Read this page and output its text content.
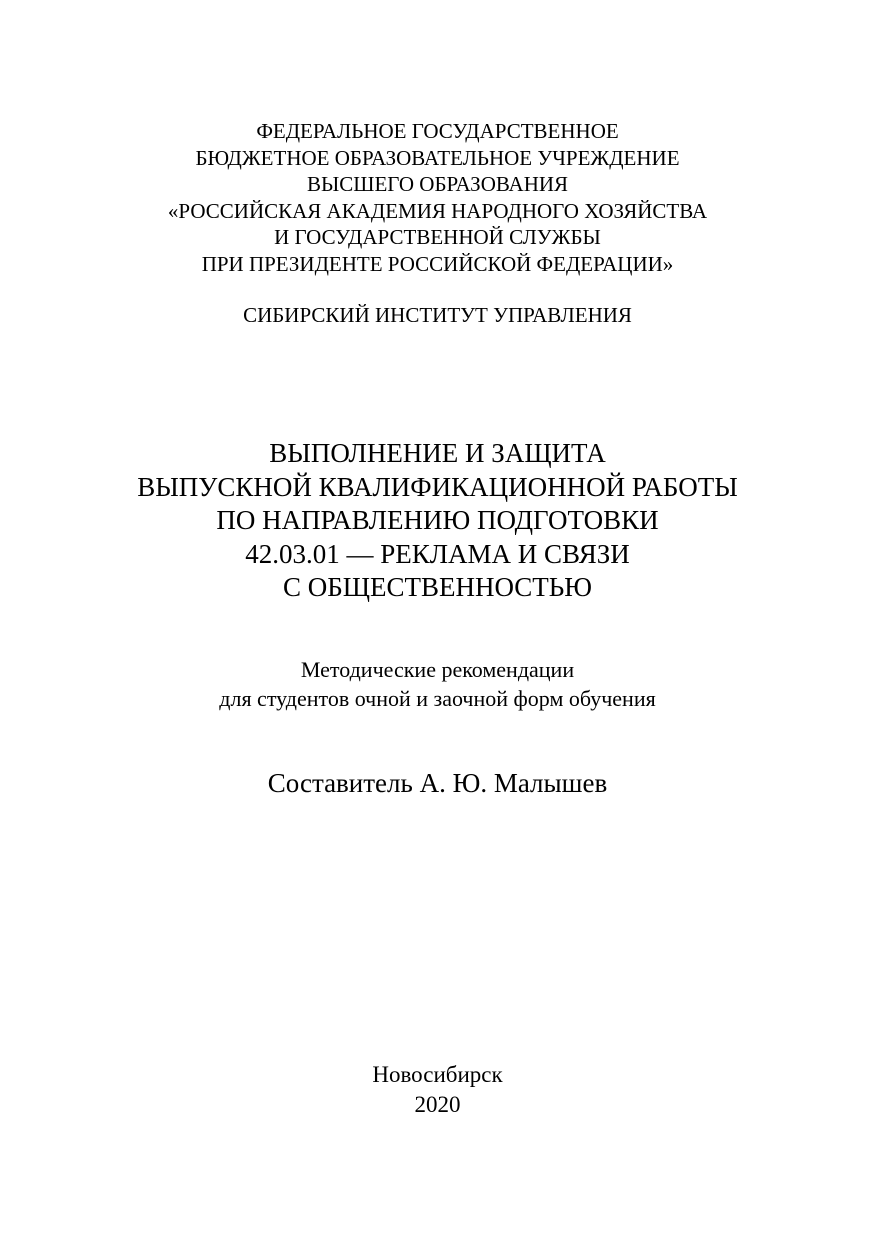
ФЕДЕРАЛЬНОЕ ГОСУДАРСТВЕННОЕ
БЮДЖЕТНОЕ ОБРАЗОВАТЕЛЬНОЕ УЧРЕЖДЕНИЕ
ВЫСШЕГО ОБРАЗОВАНИЯ
«РОССИЙСКАЯ АКАДЕМИЯ НАРОДНОГО ХОЗЯЙСТВА
И ГОСУДАРСТВЕННОЙ СЛУЖБЫ
ПРИ ПРЕЗИДЕНТЕ РОССИЙСКОЙ ФЕДЕРАЦИИ»
СИБИРСКИЙ ИНСТИТУТ УПРАВЛЕНИЯ
ВЫПОЛНЕНИЕ И ЗАЩИТА
ВЫПУСКНОЙ КВАЛИФИКАЦИОННОЙ РАБОТЫ
ПО НАПРАВЛЕНИЮ ПОДГОТОВКИ
42.03.01 — РЕКЛАМА И СВЯЗИ
С ОБЩЕСТВЕННОСТЬЮ
Методические рекомендации
для студентов очной и заочной форм обучения
Составитель А. Ю. Малышев
Новосибирск
2020
